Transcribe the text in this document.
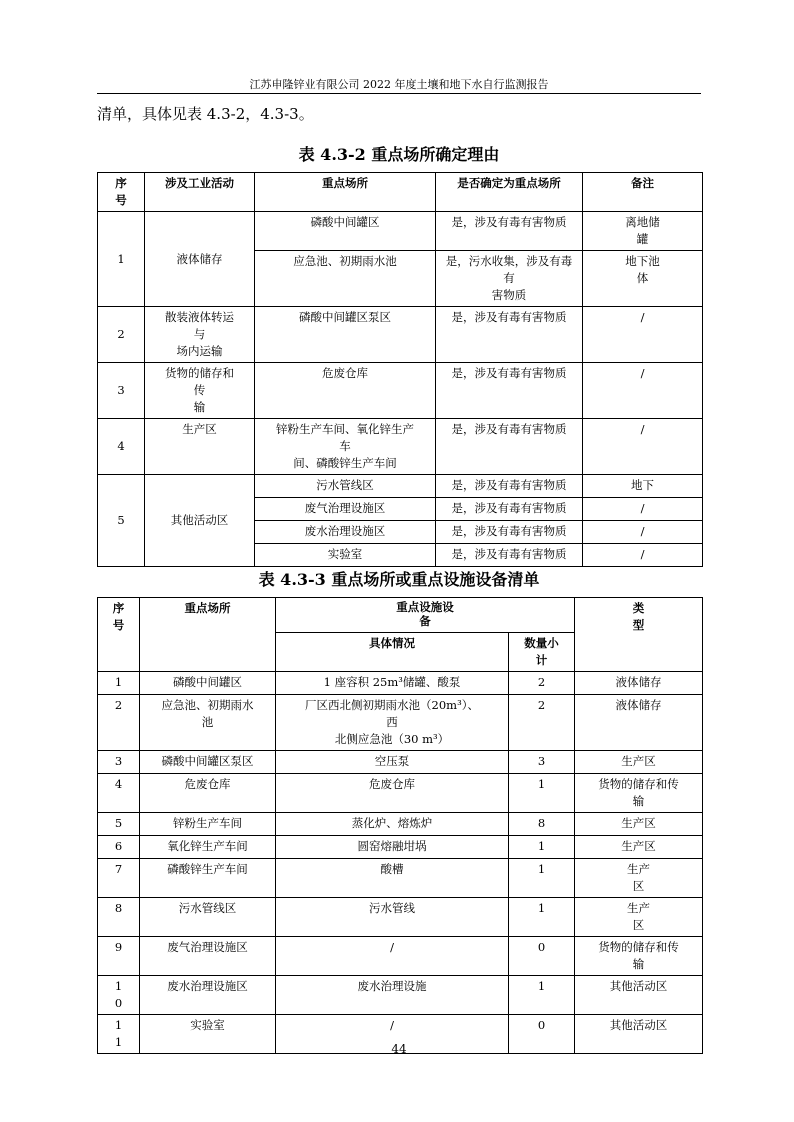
江苏申隆锌业有限公司 2022 年度土壤和地下水自行监测报告
清单，具体见表 4.3-2，4.3-3。
表 4.3-2 重点场所确定理由
序
号	涉及工业活动	重点场所	是否确定为重点场所	备注
1	液体储存	磷酸中间罐区	是，涉及有毒有害物质	离地储
罐
		应急池、初期雨水池	是，污水收集，涉及有毒
有
害物质	地下池
体
2	散装液体转运
与
场内运输	磷酸中间罐区泵区	是，涉及有毒有害物质	/
3	货物的储存和
传
输	危废仓库	是，涉及有毒有害物质	/
4	生产区	锌粉生产车间、氧化锌生产
车
间、磷酸锌生产车间	是，涉及有毒有害物质	/
5	其他活动区	污水管线区	是，涉及有毒有害物质	地下
		废气治理设施区	是，涉及有毒有害物质	/
		废水治理设施区	是，涉及有毒有害物质	/
		实验室	是，涉及有毒有害物质	/
表 4.3-3 重点场所或重点设施设备清单
序
号	重点场所	重点设施设
备		类
型
		具体情况	数量小
计	
1	磷酸中间罐区	1 座容积 25m³储罐、酸泵	2	液体储存
2	应急池、初期雨水
池	厂区西北侧初期雨水池（20m³）、
西
北侧应急池（30 m³）	2	液体储存
3	磷酸中间罐区泵区	空压泵	3	生产区
4	危废仓库	危废仓库	1	货物的储存和传
输
5	锌粉生产车间	蒸化炉、熔炼炉	8	生产区
6	氧化锌生产车间	圆窑熔融坩埚	1	生产区
7	磷酸锌生产车间	酸槽	1	生产
区
8	污水管线区	污水管线	1	生产
区
9	废气治理设施区	/	0	货物的储存和传
输
1
0	废水治理设施区	废水治理设施	1	其他活动区
1
1	实验室	/	0	其他活动区
44
